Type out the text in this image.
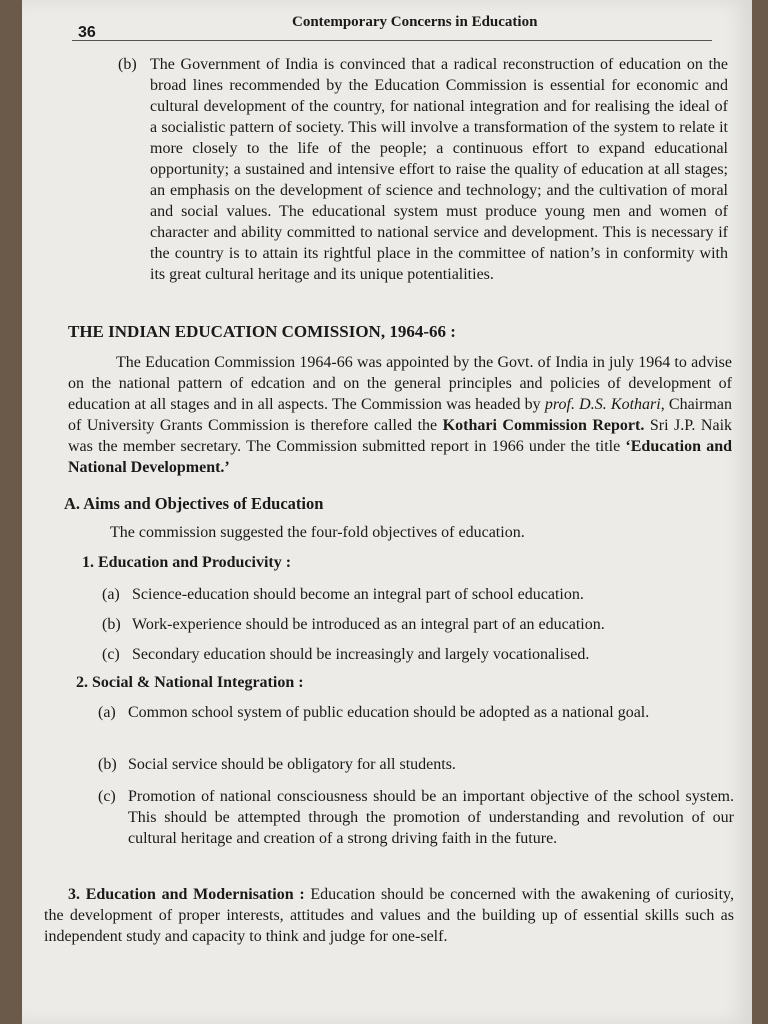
36
Contemporary Concerns in Education
(b) The Government of India is convinced that a radical reconstruction of education on the broad lines recommended by the Education Commission is essential for economic and cultural development of the country, for national integration and for realising the ideal of a socialistic pattern of society. This will involve a transformation of the system to relate it more closely to the life of the people; a continuous effort to expand educational opportunity; a sustained and intensive effort to raise the quality of education at all stages; an emphasis on the development of science and technology; and the cultivation of moral and social values. The educational system must produce young men and women of character and ability committed to national service and development. This is necessary if the country is to attain its rightful place in the committee of nation’s in conformity with its great cultural heritage and its unique potentialities.
THE INDIAN EDUCATION COMISSION, 1964-66 :
The Education Commission 1964-66 was appointed by the Govt. of India in july 1964 to advise on the national pattern of edcation and on the general principles and policies of development of education at all stages and in all aspects. The Commission was headed by prof. D.S. Kothari, Chairman of University Grants Commission is therefore called the Kothari Commission Report. Sri J.P. Naik was the member secretary. The Commission submitted report in 1966 under the title ‘Education and National Development.’
A. Aims and Objectives of Education
The commission suggested the four-fold objectives of education.
1. Education and Producivity :
(a) Science-education should become an integral part of school education.
(b) Work-experience should be introduced as an integral part of an education.
(c) Secondary education should be increasingly and largely vocationalised.
2. Social & National Integration :
(a) Common school system of public education should be adopted as a national goal.
(b) Social service should be obligatory for all students.
(c) Promotion of national consciousness should be an important objective of the school system. This should be attempted through the promotion of understanding and revolution of our cultural heritage and creation of a strong driving faith in the future.
3. Education and Modernisation : Education should be concerned with the awakening of curiosity, the development of proper interests, attitudes and values and the building up of essential skills such as independent study and capacity to think and judge for one-self.
